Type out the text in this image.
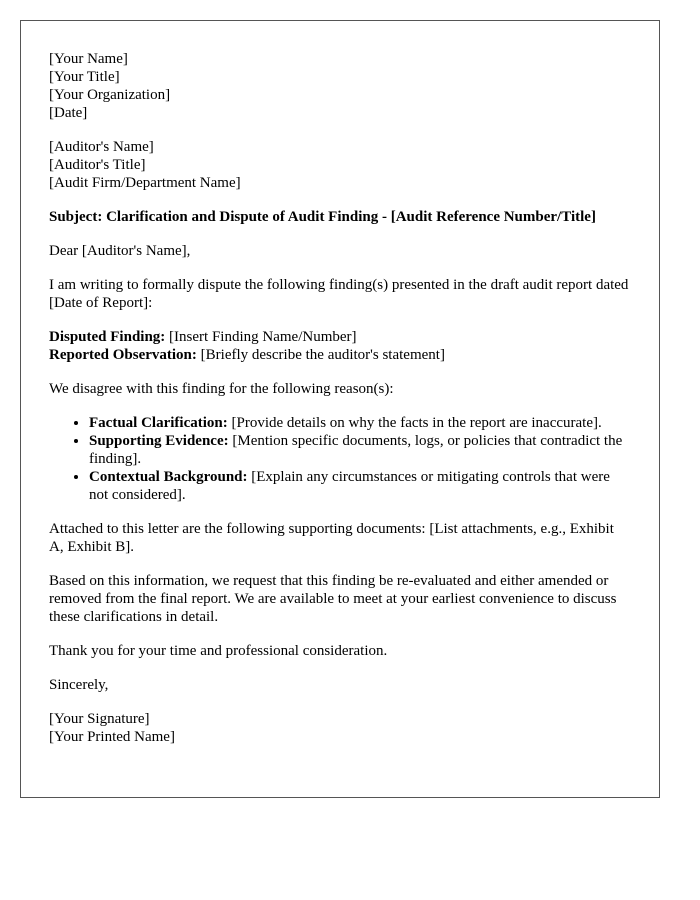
[Your Name]
[Your Title]
[Your Organization]
[Date]
[Auditor's Name]
[Auditor's Title]
[Audit Firm/Department Name]

Subject: Clarification and Dispute of Audit Finding - [Audit Reference Number/Title]

Dear [Auditor's Name],

I am writing to formally dispute the following finding(s) presented in the draft audit report dated [Date of Report]:

Disputed Finding: [Insert Finding Name/Number]
Reported Observation: [Briefly describe the auditor's statement]

We disagree with this finding for the following reason(s):

• Factual Clarification: [Provide details on why the facts in the report are inaccurate].
• Supporting Evidence: [Mention specific documents, logs, or policies that contradict the finding].
• Contextual Background: [Explain any circumstances or mitigating controls that were not considered].

Attached to this letter are the following supporting documents: [List attachments, e.g., Exhibit A, Exhibit B].

Based on this information, we request that this finding be re-evaluated and either amended or removed from the final report. We are available to meet at your earliest convenience to discuss these clarifications in detail.

Thank you for your time and professional consideration.

Sincerely,

[Your Signature]
[Your Printed Name]
